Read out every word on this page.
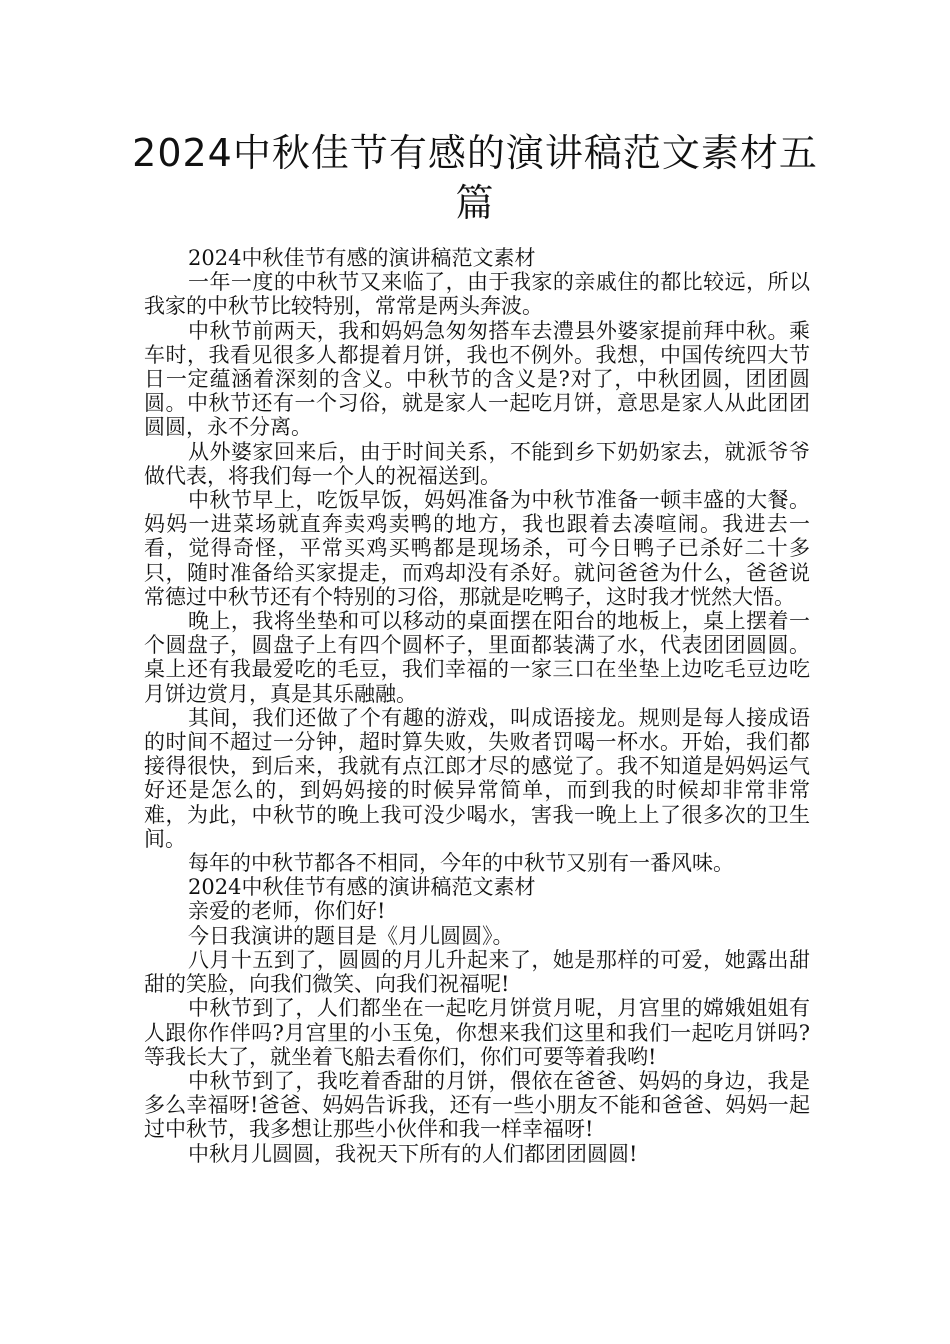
2024中秋佳节有感的演讲稿范文素材五篇

2024中秋佳节有感的演讲稿范文素材

一年一度的中秋节又来临了，由于我家的亲戚住的都比较远，所以我家的中秋节比较特别，常常是两头奔波。

中秋节前两天，我和妈妈急匆匆搭车去澧县外婆家提前拜中秋。乘车时，我看见很多人都提着月饼，我也不例外。我想，中国传统四大节日一定蕴涵着深刻的含义。中秋节的含义是?对了，中秋团圆，团团圆圆。中秋节还有一个习俗，就是家人一起吃月饼，意思是家人从此团团圆圆，永不分离。

从外婆家回来后，由于时间关系，不能到乡下奶奶家去，就派爷爷做代表，将我们每一个人的祝福送到。

中秋节早上，吃饭早饭，妈妈准备为中秋节准备一顿丰盛的大餐。妈妈一进菜场就直奔卖鸡卖鸭的地方，我也跟着去凑喧闹。我进去一看，觉得奇怪，平常买鸡买鸭都是现场杀，可今日鸭子已杀好二十多只，随时准备给买家提走，而鸡却没有杀好。就问爸爸为什么，爸爸说常德过中秋节还有个特别的习俗，那就是吃鸭子，这时我才恍然大悟。

晚上，我将坐垫和可以移动的桌面摆在阳台的地板上，桌上摆着一个圆盘子，圆盘子上有四个圆杯子，里面都装满了水，代表团团圆圆。桌上还有我最爱吃的毛豆，我们幸福的一家三口在坐垫上边吃毛豆边吃月饼边赏月，真是其乐融融。

其间，我们还做了个有趣的游戏，叫成语接龙。规则是每人接成语的时间不超过一分钟，超时算失败，失败者罚喝一杯水。开始，我们都接得很快，到后来，我就有点江郎才尽的感觉了。我不知道是妈妈运气好还是怎么的，到妈妈接的时候异常简单，而到我的时候却非常非常难，为此，中秋节的晚上我可没少喝水，害我一晚上上了很多次的卫生间。

每年的中秋节都各不相同，今年的中秋节又别有一番风味。

2024中秋佳节有感的演讲稿范文素材

亲爱的老师，你们好!

今日我演讲的题目是《月儿圆圆》。

八月十五到了，圆圆的月儿升起来了，她是那样的可爱，她露出甜甜的笑脸，向我们微笑、向我们祝福呢!

中秋节到了，人们都坐在一起吃月饼赏月呢，月宫里的嫦娥姐姐有人跟你作伴吗?月宫里的小玉兔，你想来我们这里和我们一起吃月饼吗?等我长大了，就坐着飞船去看你们，你们可要等着我哟!

中秋节到了，我吃着香甜的月饼，偎依在爸爸、妈妈的身边，我是多么幸福呀!爸爸、妈妈告诉我，还有一些小朋友不能和爸爸、妈妈一起过中秋节，我多想让那些小伙伴和我一样幸福呀!

中秋月儿圆圆，我祝天下所有的人们都团团圆圆!
